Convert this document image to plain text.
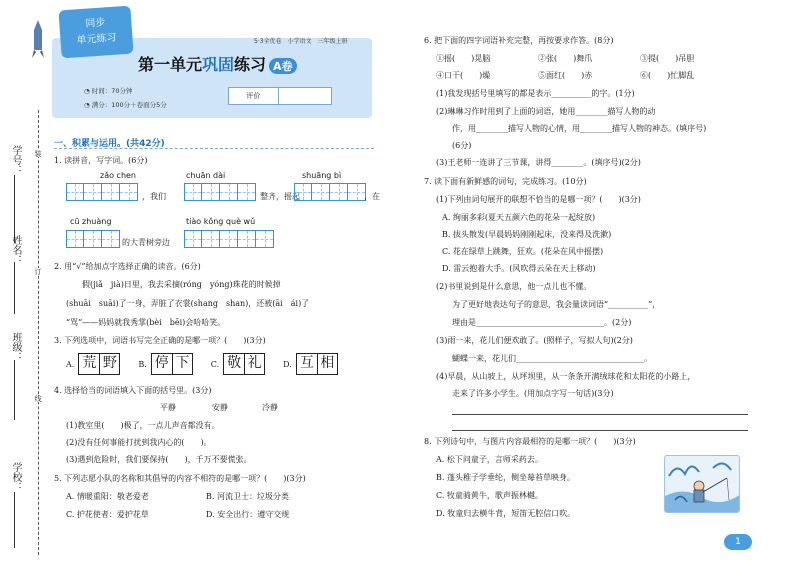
学号：
姓名：
班级：
学校：
装
订
线
同步
单元练习	5·3全优卷　小学语文　三年级上册
第一单元巩固练习 A卷
◔ 时间：70分钟
◔ 满分：100分＋卷面分5分
评价
一、积累与运用。(共42分)
1. 读拼音，写字词。(6分)
zǎo chen	chuān dài	shuāng bì
，我们	整齐，摇起	，在
cū zhuàng	tiào kǒng què wǔ
的大青树旁边
2. 用“√”给加点字选择正确的读音。(6分)
假(jiǎ　jià)日里，我去采摘(róng　yóng)珠花的时候掉
(shuāi　suāi)了一身，弄脏了衣裳(shang　shan)，还被(āi　ái)了
“骂”——妈妈就我秀掌(bèi　bēi)会哈哈笑。
3. 下列选项中，词语书写完全正确的是哪一项？(　　)(3分)
A. 荒 野	B. 停 下	C. 敬 礼	D. 互 相
4. 选择恰当的词语填入下面的括号里。(3分)
平静	安静	冷静
(1)教室里(　　)极了，一点儿声音都没有。
(2)没有任何事能打扰到我内心的(　　)。
(3)遇到危险时，我们要保持(　　)，千万不要慌张。
5. 下列志愿小队的名称和其倡导的内容不相符的是哪一项？(　　)(3分)
A. 情暖重阳：敬老爱老	B. 河流卫士：垃圾分类
C. 护花使者：爱护花草	D. 安全出行：遵守交规
6. 把下面的四字词语补充完整，再按要求作答。(8分)
①摇(　　)晃脑	②张(　　)舞爪	③提(　　)吊胆
④口干(　　)燥	⑤面红(　　)赤	⑥(　　)忙脚乱
(1)我发现括号里填写的都是表示__________的字。(1分)
(2)琳琳习作时用到了上面的词语，她用________描写人物的动
作，用________描写人物的心情，用________描写人物的神态。(填序号)
(6分)
(3)王老师一连讲了三节课，讲得________。(填序号)(2分)
7. 读下面有新鲜感的词句，完成练习。(10分)
(1)下列由词句展开的联想不恰当的是哪一项？(　　)(3分)
A. 绚丽多彩(夏天五颜六色的花朵一起绽放)
B. 拔头散发(早晨妈妈刚刚起床，没来得及洗漱)
C. 花在绿草上跳舞，狂欢。(花朵在风中摇摆)
D. 雷云抱着大手。(风吹得云朵在天上移动)
(2)书里说到是什么意思，他一点儿也不懂。
为了更好地表达句子的意思，我会量读词语“__________”，
理由是________________________________。(2分)
(3)雨一来，花儿们便欢敢了。(照样子，写拟人句)(2分)
蝴蝶一来，花儿们________________________________。
(4)早晨，从山坡上，从坪坝里，从一条条开满绒球花和太阳花的小路上，
走来了许多小学生。(用加点字写一句话)(3分)
8. 下列诗句中，与图片内容最相符的是哪一项？(　　)(3分)
A. 松下问童子，言师采药去。
B. 蓬头稚子学垂纶，侧坐莓苔草映身。
C. 牧童骑黄牛，歌声振林樾。
D. 牧童归去横牛背，短笛无腔信口吹。
1
